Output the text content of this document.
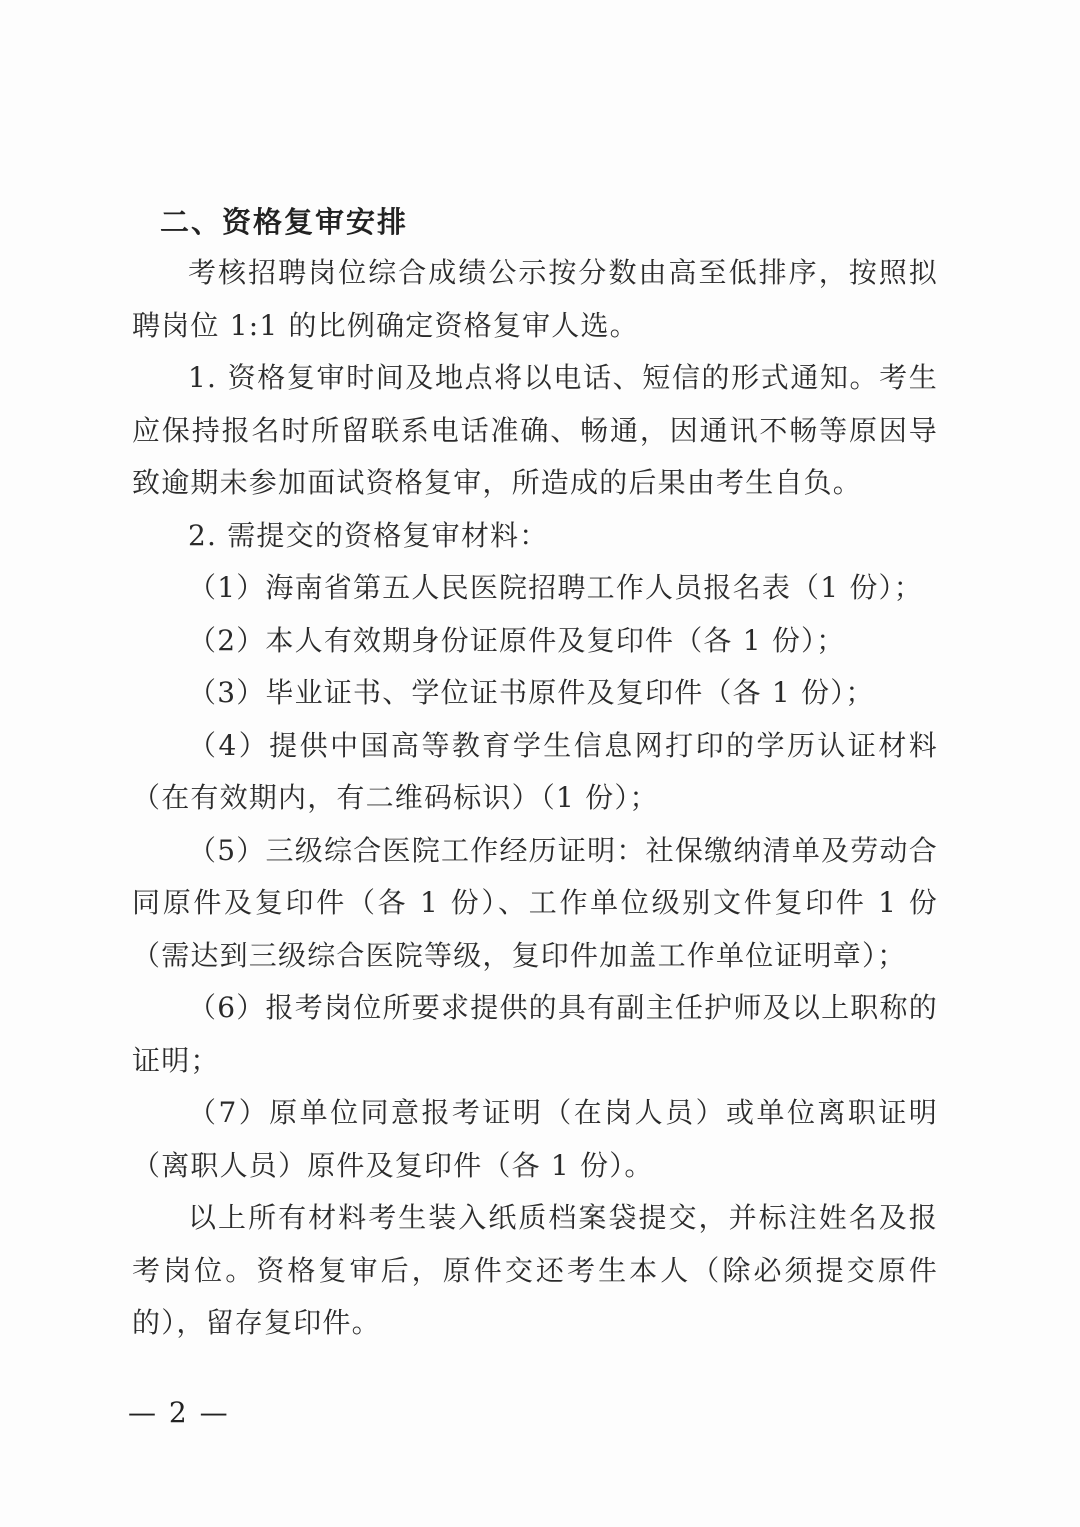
二、资格复审安排

考核招聘岗位综合成绩公示按分数由高至低排序，按照拟聘岗位 1:1 的比例确定资格复审人选。

1. 资格复审时间及地点将以电话、短信的形式通知。考生应保持报名时所留联系电话准确、畅通，因通讯不畅等原因导致逾期未参加面试资格复审，所造成的后果由考生自负。

2. 需提交的资格复审材料：

（1）海南省第五人民医院招聘工作人员报名表（1 份）；

（2）本人有效期身份证原件及复印件（各 1 份）；

（3）毕业证书、学位证书原件及复印件（各 1 份）；

（4）提供中国高等教育学生信息网打印的学历认证材料（在有效期内，有二维码标识）（1 份）；

（5）三级综合医院工作经历证明：社保缴纳清单及劳动合同原件及复印件（各 1 份）、工作单位级别文件复印件 1 份（需达到三级综合医院等级，复印件加盖工作单位证明章）；

（6）报考岗位所要求提供的具有副主任护师及以上职称的证明；

（7）原单位同意报考证明（在岗人员）或单位离职证明（离职人员）原件及复印件（各 1 份）。

以上所有材料考生装入纸质档案袋提交，并标注姓名及报考岗位。资格复审后，原件交还考生本人（除必须提交原件的），留存复印件。

— 2 —
